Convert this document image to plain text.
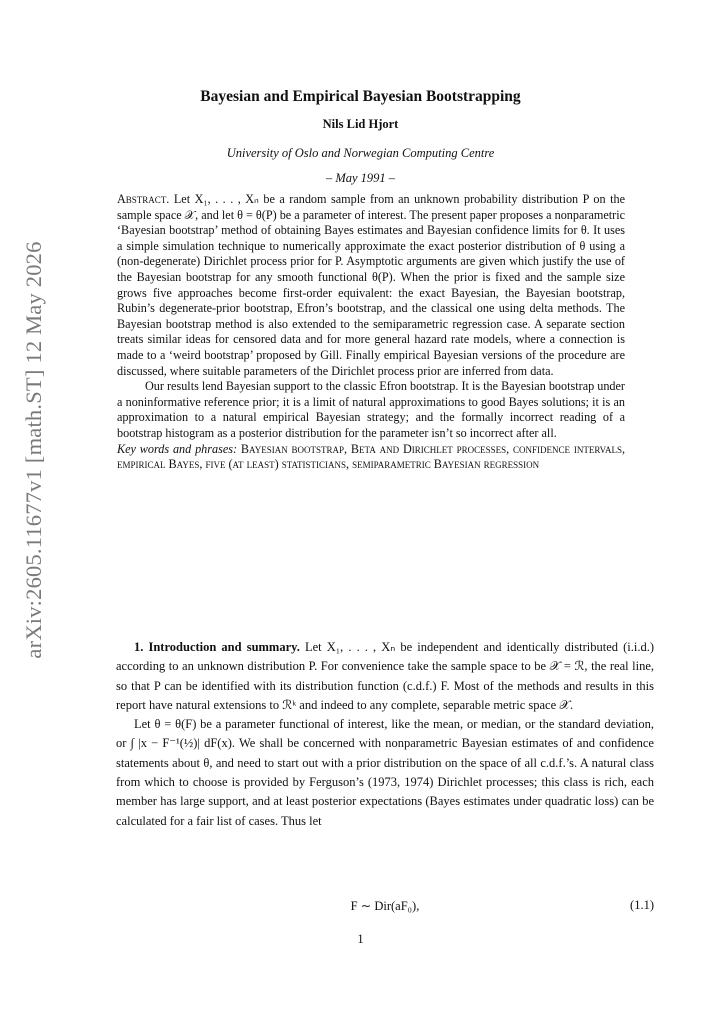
arXiv:2605.11677v1 [math.ST] 12 May 2026
Bayesian and Empirical Bayesian Bootstrapping
Nils Lid Hjort
University of Oslo and Norwegian Computing Centre
– May 1991 –

Abstract. Let X₁, . . . , Xₙ be a random sample from an unknown probability distribution P on the sample space 𝒳, and let θ = θ(P) be a parameter of interest. The present paper proposes a nonparametric ‘Bayesian bootstrap’ method of obtaining Bayes estimates and Bayesian confidence limits for θ. It uses a simple simulation technique to numerically approximate the exact posterior distribution of θ using a (non-degenerate) Dirichlet process prior for P. Asymptotic arguments are given which justify the use of the Bayesian bootstrap for any smooth functional θ(P). When the prior is fixed and the sample size grows five approaches become first-order equivalent: the exact Bayesian, the Bayesian bootstrap, Rubin’s degenerate-prior bootstrap, Efron’s bootstrap, and the classical one using delta methods. The Bayesian bootstrap method is also extended to the semiparametric regression case. A separate section treats similar ideas for censored data and for more general hazard rate models, where a connection is made to a ‘weird bootstrap’ proposed by Gill. Finally empirical Bayesian versions of the procedure are discussed, where suitable parameters of the Dirichlet process prior are inferred from data.

Our results lend Bayesian support to the classic Efron bootstrap. It is the Bayesian bootstrap under a noninformative reference prior; it is a limit of natural approximations to good Bayes solutions; it is an approximation to a natural empirical Bayesian strategy; and the formally incorrect reading of a bootstrap histogram as a posterior distribution for the parameter isn’t so incorrect after all.

Key words and phrases: Bayesian bootstrap, Beta and Dirichlet processes, confidence intervals, empirical Bayes, five (at least) statisticians, semiparametric Bayesian regression

1. Introduction and summary. Let X₁, . . . , Xₙ be independent and identically distributed (i.i.d.) according to an unknown distribution P. For convenience take the sample space to be 𝒳 = ℛ, the real line, so that P can be identified with its distribution function (c.d.f.) F. Most of the methods and results in this report have natural extensions to ℛᵏ and indeed to any complete, separable metric space 𝒳.

Let θ = θ(F) be a parameter functional of interest, like the mean, or median, or the standard deviation, or ∫ |x − F⁻¹(½)| dF(x). We shall be concerned with nonparametric Bayesian estimates of and confidence statements about θ, and need to start out with a prior distribution on the space of all c.d.f.’s. A natural class from which to choose is provided by Ferguson’s (1973, 1974) Dirichlet processes; this class is rich, each member has large support, and at least posterior expectations (Bayes estimates under quadratic loss) can be calculated for a fair list of cases. Thus let

F ∼ Dir(aF₀),	(1.1)
1
